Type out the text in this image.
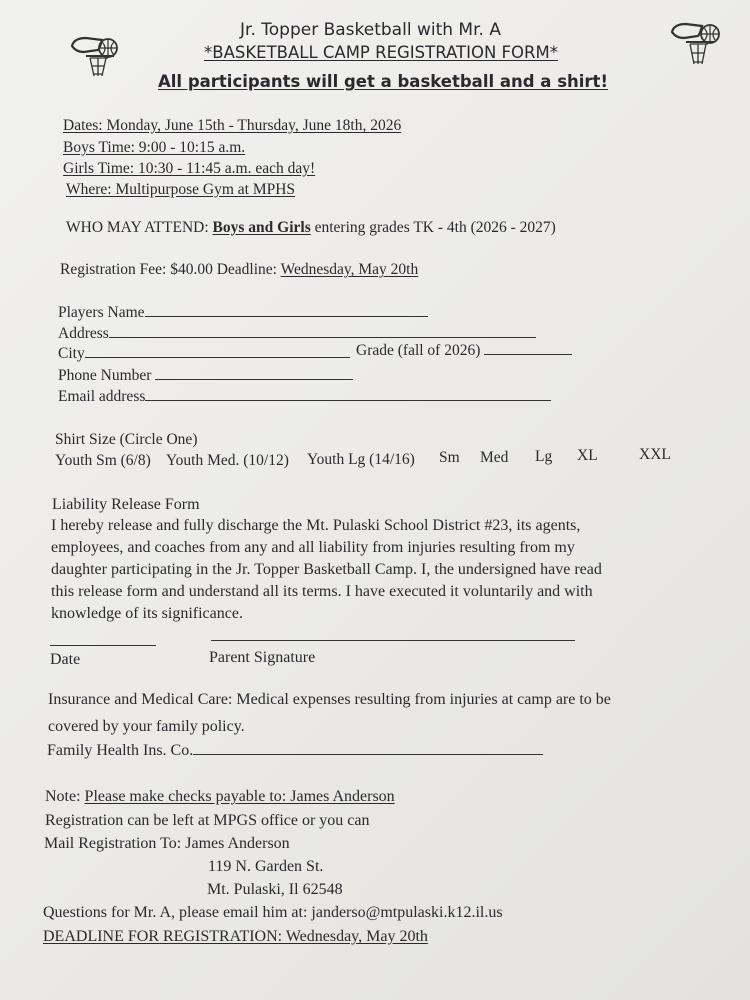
Jr. Topper Basketball with Mr. A
*BASKETBALL CAMP REGISTRATION FORM*
All participants will get a basketball and a shirt!
Dates: Monday, June 15th - Thursday, June 18th, 2026
Boys Time: 9:00 - 10:15 a.m.
Girls Time: 10:30 - 11:45 a.m. each day!
Where: Multipurpose Gym at MPHS
WHO MAY ATTEND: Boys and Girls entering grades TK - 4th (2026 - 2027)
Registration Fee: $40.00 Deadline: Wednesday, May 20th
Players Name
Address
City	Grade (fall of 2026)
Phone Number
Email address
Shirt Size (Circle One)
Youth Sm (6/8) Youth Med. (10/12) Youth Lg (14/16) Sm Med Lg XL	XXL
Liability Release Form
I hereby release and fully discharge the Mt. Pulaski School District #23, its agents,
employees, and coaches from any and all liability from injuries resulting from my
daughter participating in the Jr. Topper Basketball Camp. I, the undersigned have read
this release form and understand all its terms. I have executed it voluntarily and with
knowledge of its significance.
Date	Parent Signature
Insurance and Medical Care: Medical expenses resulting from injuries at camp are to be
covered by your family policy.
Family Health Ins. Co.
Note: Please make checks payable to: James Anderson
Registration can be left at MPGS office or you can
Mail Registration To: James Anderson
119 N. Garden St.
Mt. Pulaski, Il 62548
Questions for Mr. A, please email him at: janderso@mtpulaski.k12.il.us
DEADLINE FOR REGISTRATION: Wednesday, May 20th
